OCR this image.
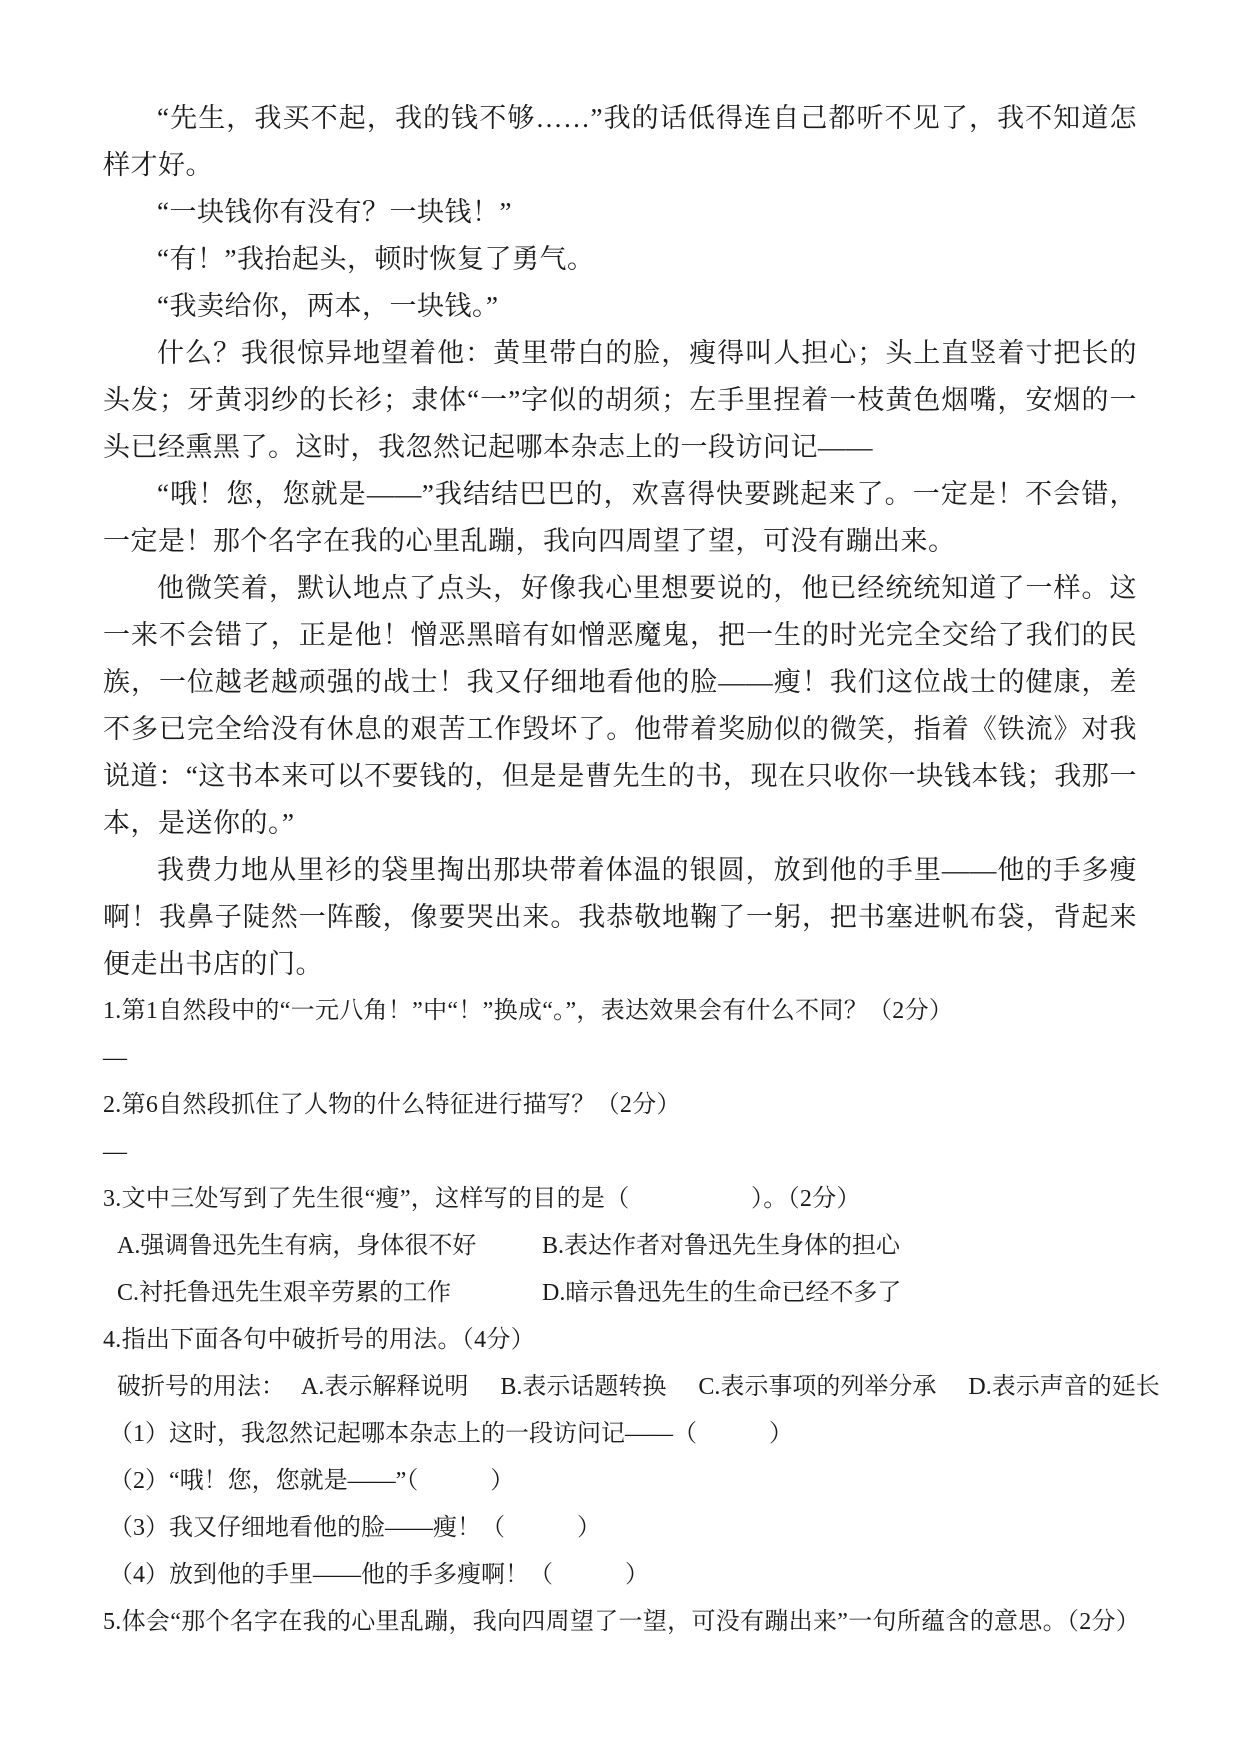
“先生，我买不起，我的钱不够……”我的话低得连自己都听不见了，我不知道怎样才好。

“一块钱你有没有？一块钱！”

“有！”我抬起头，顿时恢复了勇气。

“我卖给你，两本，一块钱。”

什么？我很惊异地望着他：黄里带白的脸，瘦得叫人担心；头上直竖着寸把长的头发；牙黄羽纱的长衫；隶体“一”字似的胡须；左手里捏着一枝黄色烟嘴，安烟的一头已经熏黑了。这时，我忽然记起哪本杂志上的一段访问记——

“哦！您，您就是——”我结结巴巴的，欢喜得快要跳起来了。一定是！不会错，一定是！那个名字在我的心里乱蹦，我向四周望了望，可没有蹦出来。

他微笑着，默认地点了点头，好像我心里想要说的，他已经统统知道了一样。这一来不会错了，正是他！憎恶黑暗有如憎恶魔鬼，把一生的时光完全交给了我们的民族，一位越老越顽强的战士！我又仔细地看他的脸——瘦！我们这位战士的健康，差不多已完全给没有休息的艰苦工作毁坏了。他带着奖励似的微笑，指着《铁流》对我说道：“这书本来可以不要钱的，但是是曹先生的书，现在只收你一块钱本钱；我那一本，是送你的。”

我费力地从里衫的袋里掏出那块带着体温的银圆，放到他的手里——他的手多瘦啊！我鼻子陡然一阵酸，像要哭出来。我恭敬地鞠了一躬，把书塞进帆布袋，背起来便走出书店的门。

1.第1自然段中的“一元八角！”中“！”换成“。”，表达效果会有什么不同？（2分）

—

2.第6自然段抓住了人物的什么特征进行描写？（2分）

—

3.文中三处写到了先生很“瘦”，这样写的目的是（　　　　　）。（2分）

A.强调鲁迅先生有病，身体很不好	B.表达作者对鲁迅先生身体的担心
C.衬托鲁迅先生艰辛劳累的工作	D.暗示鲁迅先生的生命已经不多了

4.指出下面各句中破折号的用法。（4分）

破折号的用法： A.表示解释说明 B.表示话题转换 C.表示事项的列举分承 D.表示声音的延长

（1）这时，我忽然记起哪本杂志上的一段访问记——（　　　）

（2）“哦！您，您就是——”（　　　）

（3）我又仔细地看他的脸——瘦！（　　　）

（4）放到他的手里——他的手多瘦啊！（　　　）

5.体会“那个名字在我的心里乱蹦，我向四周望了一望，可没有蹦出来”一句所蕴含的意思。（2分）
